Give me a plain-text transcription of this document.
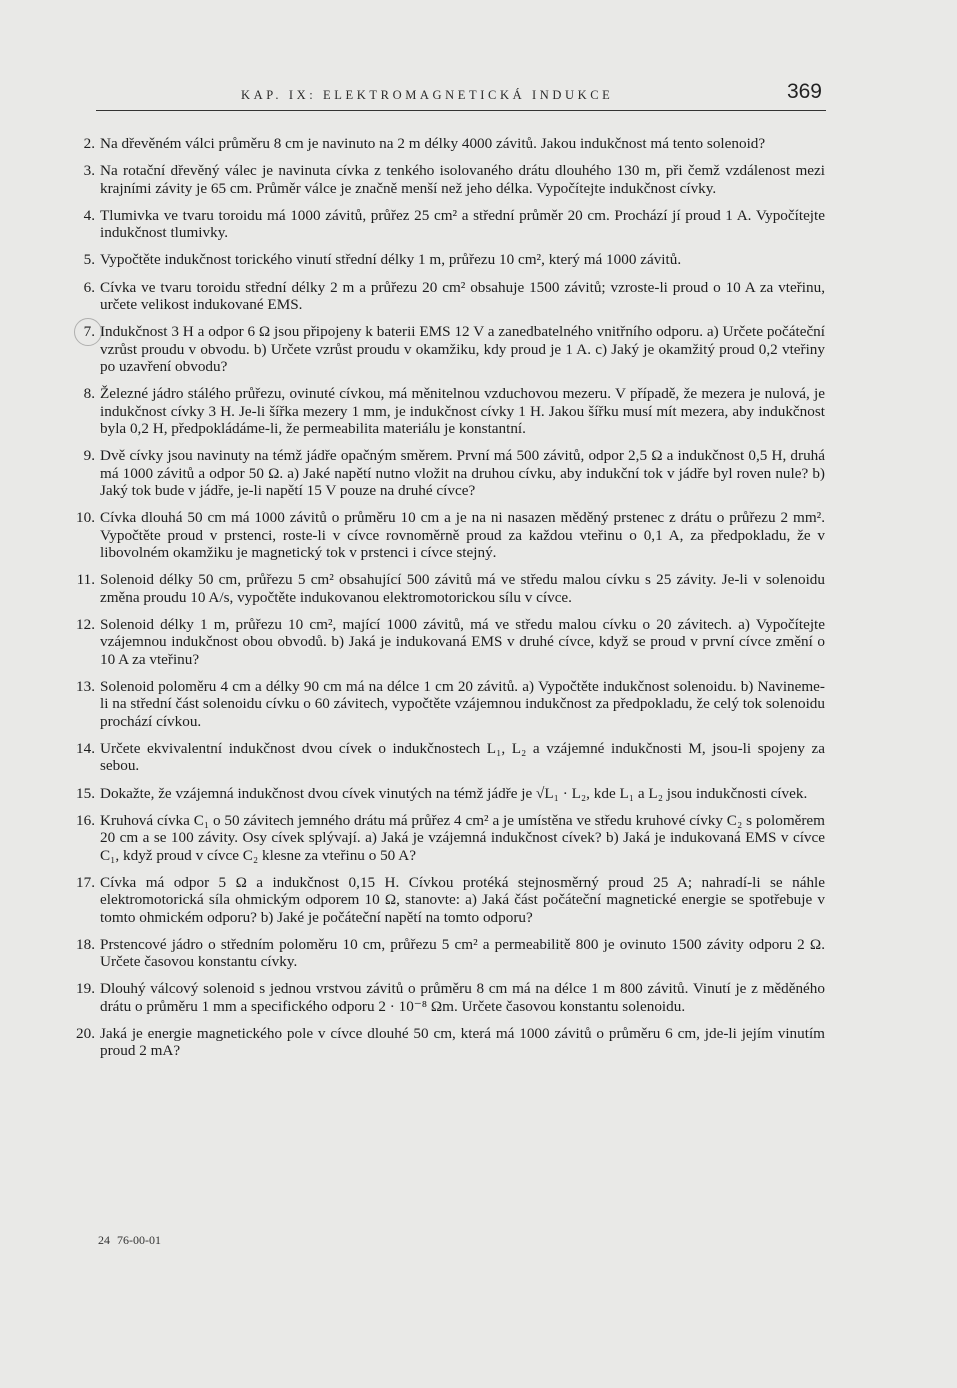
KAP. IX: ELEKTROMAGNETICKÁ INDUKCE	369
2. Na dřevěném válci průměru 8 cm je navinuto na 2 m délky 4000 závitů. Jakou indukčnost má tento solenoid?
3. Na rotační dřevěný válec je navinuta cívka z tenkého isolovaného drátu dlouhého 130 m, při čemž vzdálenost mezi krajními závity je 65 cm. Průměr válce je značně menší než jeho délka. Vypočítejte indukčnost cívky.
4. Tlumivka ve tvaru toroidu má 1000 závitů, průřez 25 cm² a střední průměr 20 cm. Prochází jí proud 1 A. Vypočítejte indukčnost tlumivky.
5. Vypočtěte indukčnost torického vinutí střední délky 1 m, průřezu 10 cm², který má 1000 závitů.
6. Cívka ve tvaru toroidu střední délky 2 m a průřezu 20 cm² obsahuje 1500 závitů; vzroste-li proud o 10 A za vteřinu, určete velikost indukované EMS.
7. Indukčnost 3 H a odpor 6 Ω jsou připojeny k baterii EMS 12 V a zanedbatelného vnitřního odporu. a) Určete počáteční vzrůst proudu v obvodu. b) Určete vzrůst proudu v okamžiku, kdy proud je 1 A. c) Jaký je okamžitý proud 0,2 vteřiny po uzavření obvodu?
8. Železné jádro stálého průřezu, ovinuté cívkou, má měnitelnou vzduchovou mezeru. V případě, že mezera je nulová, je indukčnost cívky 3 H. Je-li šířka mezery 1 mm, je indukčnost cívky 1 H. Jakou šířku musí mít mezera, aby indukčnost byla 0,2 H, předpokládáme-li, že permeabilita materiálu je konstantní.
9. Dvě cívky jsou navinuty na témž jádře opačným směrem. První má 500 závitů, odpor 2,5 Ω a indukčnost 0,5 H, druhá má 1000 závitů a odpor 50 Ω. a) Jaké napětí nutno vložit na druhou cívku, aby indukční tok v jádře byl roven nule? b) Jaký tok bude v jádře, je-li napětí 15 V pouze na druhé cívce?
10. Cívka dlouhá 50 cm má 1000 závitů o průměru 10 cm a je na ni nasazen měděný prstenec z drátu o průřezu 2 mm². Vypočtěte proud v prstenci, roste-li v cívce rovnoměrně proud za každou vteřinu o 0,1 A, za předpokladu, že v libovolném okamžiku je magnetický tok v prstenci i cívce stejný.
11. Solenoid délky 50 cm, průřezu 5 cm² obsahující 500 závitů má ve středu malou cívku s 25 závity. Je-li v solenoidu změna proudu 10 A/s, vypočtěte indukovanou elektromotorickou sílu v cívce.
12. Solenoid délky 1 m, průřezu 10 cm², mající 1000 závitů, má ve středu malou cívku o 20 závitech. a) Vypočítejte vzájemnou indukčnost obou obvodů. b) Jaká je indukovaná EMS v druhé cívce, když se proud v první cívce změní o 10 A za vteřinu?
13. Solenoid poloměru 4 cm a délky 90 cm má na délce 1 cm 20 závitů. a) Vypočtěte indukčnost solenoidu. b) Navineme-li na střední část solenoidu cívku o 60 závitech, vypočtěte vzájemnou indukčnost za předpokladu, že celý tok solenoidu prochází cívkou.
14. Určete ekvivalentní indukčnost dvou cívek o indukčnostech L₁, L₂ a vzájemné indukčnosti M, jsou-li spojeny za sebou.
15. Dokažte, že vzájemná indukčnost dvou cívek vinutých na témž jádře je √L₁ · L₂, kde L₁ a L₂ jsou indukčnosti cívek.
16. Kruhová cívka C₁ o 50 závitech jemného drátu má průřez 4 cm² a je umístěna ve středu kruhové cívky C₂ s poloměrem 20 cm a se 100 závity. Osy cívek splývají. a) Jaká je vzájemná indukčnost cívek? b) Jaká je indukovaná EMS v cívce C₁, když proud v cívce C₂ klesne za vteřinu o 50 A?
17. Cívka má odpor 5 Ω a indukčnost 0,15 H. Cívkou protéká stejnosměrný proud 25 A; nahradí-li se náhle elektromotorická síla ohmickým odporem 10 Ω, stanovte: a) Jaká část počáteční magnetické energie se spotřebuje v tomto ohmickém odporu? b) Jaké je počáteční napětí na tomto odporu?
18. Prstencové jádro o středním poloměru 10 cm, průřezu 5 cm² a permeabilitě 800 je ovinuto 1500 závity odporu 2 Ω. Určete časovou konstantu cívky.
19. Dlouhý válcový solenoid s jednou vrstvou závitů o průměru 8 cm má na délce 1 m 800 závitů. Vinutí je z měděného drátu o průměru 1 mm a specifického odporu 2 · 10⁻⁸ Ωm. Určete časovou konstantu solenoidu.
20. Jaká je energie magnetického pole v cívce dlouhé 50 cm, která má 1000 závitů o průměru 6 cm, jde-li jejím vinutím proud 2 mA?
24 76-00-01
